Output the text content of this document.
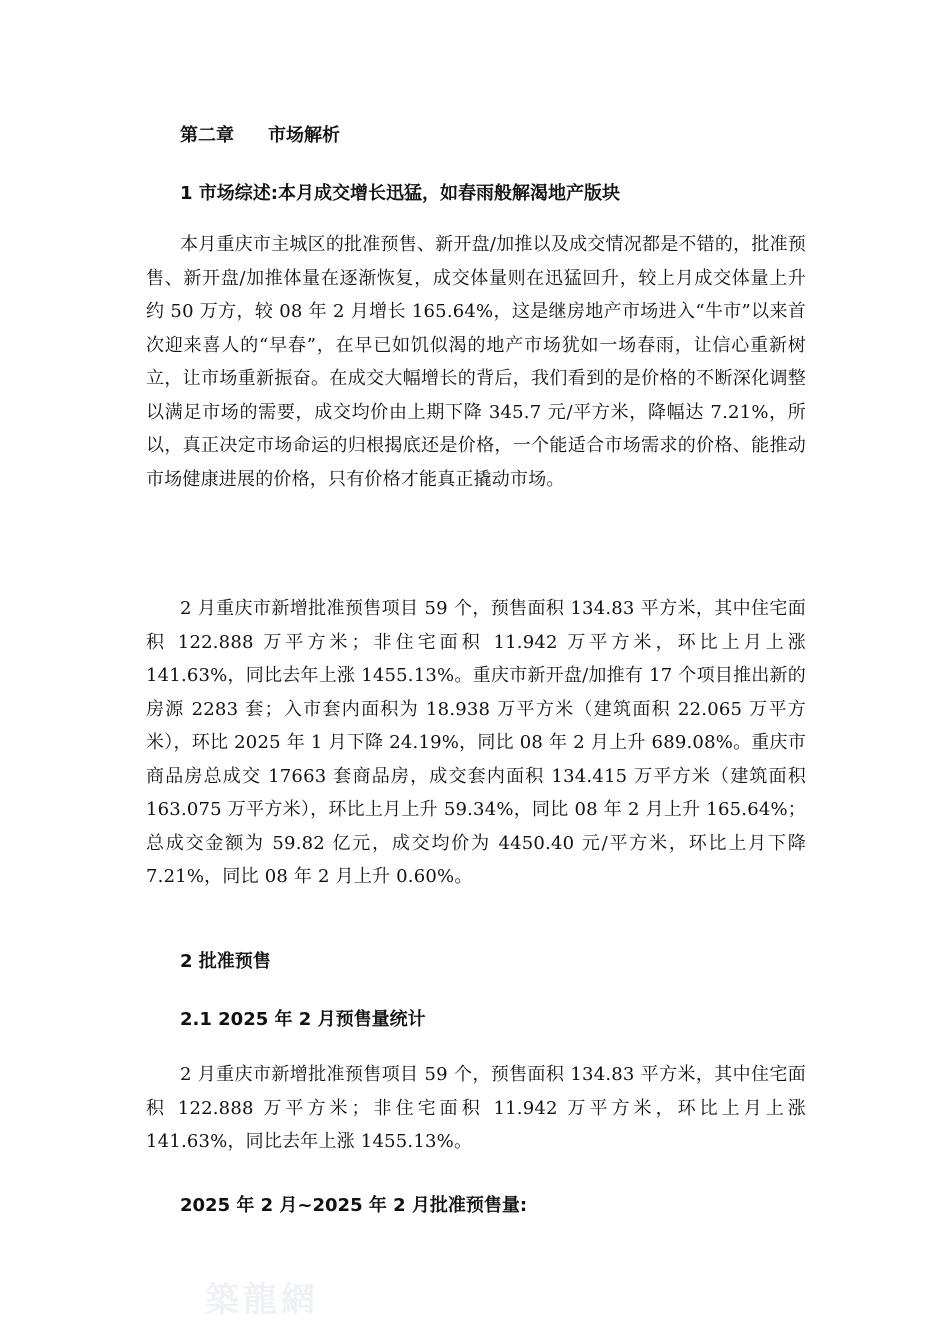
第二章 市场解析
1 市场综述:本月成交增长迅猛，如春雨般解渴地产版块

本月重庆市主城区的批准预售、新开盘/加推以及成交情况都是不错的，批准预售、新开盘/加推体量在逐渐恢复，成交体量则在迅猛回升，较上月成交体量上升约 50 万方，较 08 年 2 月增长 165.64%，这是继房地产市场进入“牛市”以来首次迎来喜人的“早春”，在早已如饥似渴的地产市场犹如一场春雨，让信心重新树立，让市场重新振奋。在成交大幅增长的背后，我们看到的是价格的不断深化调整以满足市场的需要，成交均价由上期下降 345.7 元/平方米，降幅达 7.21%，所以，真正决定市场命运的归根揭底还是价格，一个能适合市场需求的价格、能推动市场健康进展的价格，只有价格才能真正撬动市场。

2 月重庆市新增批准预售项目 59 个，预售面积 134.83 平方米，其中住宅面积 122.888 万平方米；非住宅面积 11.942 万平方米，环比上月上涨 141.63%，同比去年上涨 1455.13%。重庆市新开盘/加推有 17 个项目推出新的房源 2283 套；入市套内面积为 18.938 万平方米（建筑面积 22.065 万平方米），环比 2025 年 1 月下降 24.19%，同比 08 年 2 月上升 689.08%。重庆市商品房总成交 17663 套商品房，成交套内面积 134.415 万平方米（建筑面积 163.075 万平方米），环比上月上升 59.34%，同比 08 年 2 月上升 165.64%；总成交金额为 59.82 亿元，成交均价为 4450.40 元/平方米，环比上月下降 7.21%，同比 08 年 2 月上升 0.60%。

2 批准预售
2.1 2025 年 2 月预售量统计

2 月重庆市新增批准预售项目 59 个，预售面积 134.83 平方米，其中住宅面积 122.888 万平方米；非住宅面积 11.942 万平方米，环比上月上涨 141.63%，同比去年上涨 1455.13%。

2025 年 2 月~2025 年 2 月批准预售量:
築龍網
